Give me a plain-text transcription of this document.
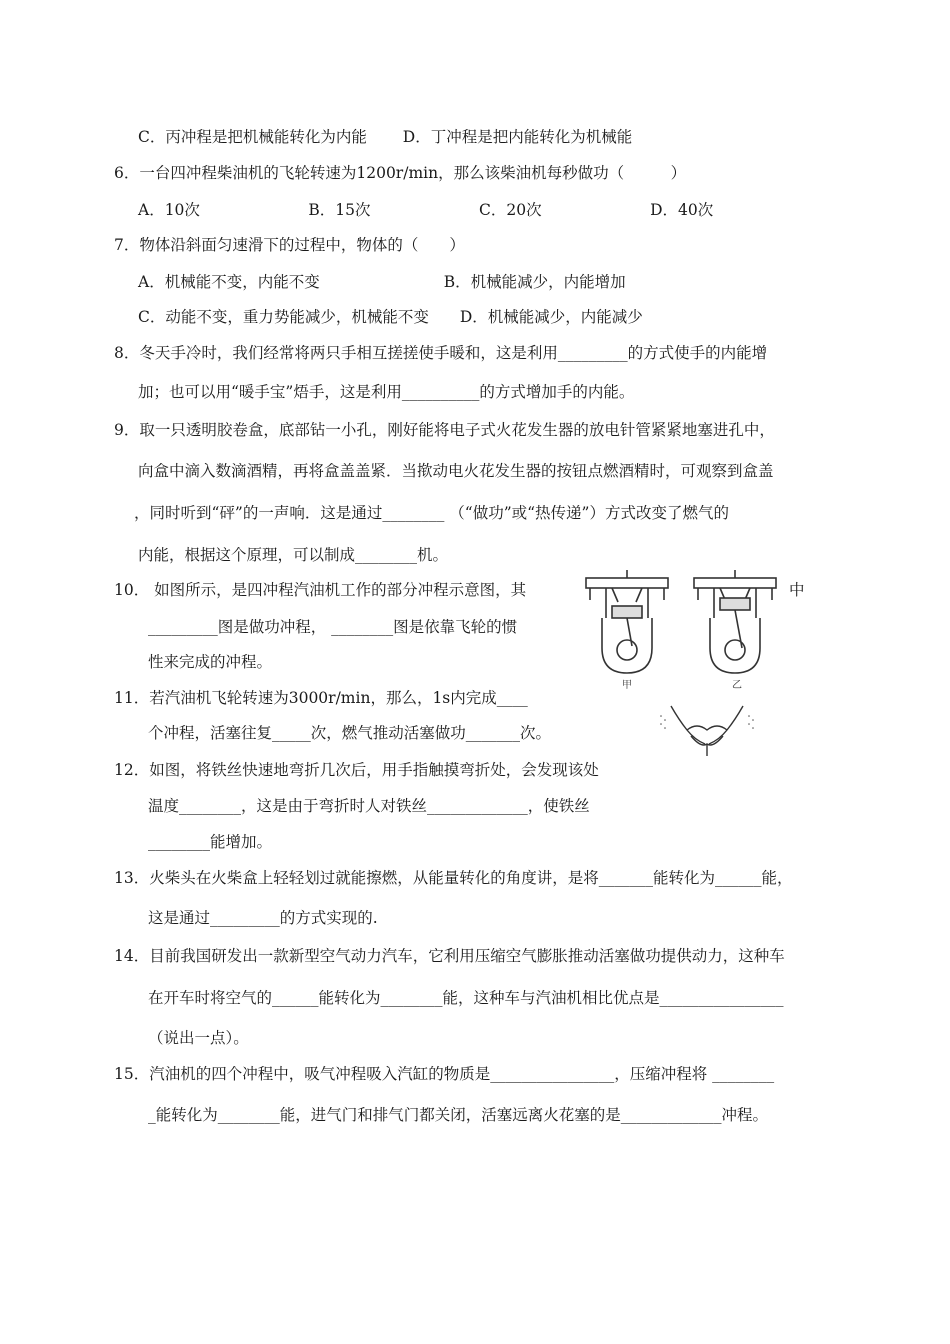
C．丙冲程是把机械能转化为内能　　 D．丁冲程是把内能转化为机械能
6．一台四冲程柴油机的飞轮转速为1200r/min，那么该柴油机每秒做功（　　　）
A．10次　　　　　　　B．15次　　　　　　　C．20次　　　　　　　D．40次
7．物体沿斜面匀速滑下的过程中，物体的（　　）
A．机械能不变，内能不变　　　　　　　　B．机械能减少，内能增加
C．动能不变，重力势能减少，机械能不变　　D．机械能减少，内能减少
8．冬天手冷时，我们经常将两只手相互搓搓使手暖和，这是利用_________的方式使手的内能增
加；也可以用“暖手宝”焐手，这是利用__________的方式增加手的内能。
9．取一只透明胶卷盒，底部钻一小孔，刚好能将电子式火花发生器的放电针管紧紧地塞进孔中，
向盒中滴入数滴酒精，再将盒盖盖紧．当揿动电火花发生器的按钮点燃酒精时，可观察到盒盖
，同时听到“砰”的一声响．这是通过________ （“做功”或“热传递”）方式改变了燃气的
内能，根据这个原理，可以制成________机。
10． 如图所示，是四冲程汽油机工作的部分冲程示意图，其	中
_________图是做功冲程， ________图是依靠飞轮的惯
性来完成的冲程。
11．若汽油机飞轮转速为3000r/min，那么，1s内完成____
个冲程，活塞往复_____次，燃气推动活塞做功_______次。
12．如图，将铁丝快速地弯折几次后，用手指触摸弯折处，会发现该处
温度________，这是由于弯折时人对铁丝_____________，使铁丝
________能增加。
13．火柴头在火柴盒上轻轻划过就能擦燃，从能量转化的角度讲，是将_______能转化为______能，
这是通过_________的方式实现的.
14．目前我国研发出一款新型空气动力汽车，它利用压缩空气膨胀推动活塞做功提供动力，这种车
在开车时将空气的______能转化为________能，这种车与汽油机相比优点是________________
（说出一点）。
15．汽油机的四个冲程中，吸气冲程吸入汽缸的物质是________________，压缩冲程将 ________
_能转化为________能，进气门和排气门都关闭，活塞远离火花塞的是_____________冲程。
甲	乙
